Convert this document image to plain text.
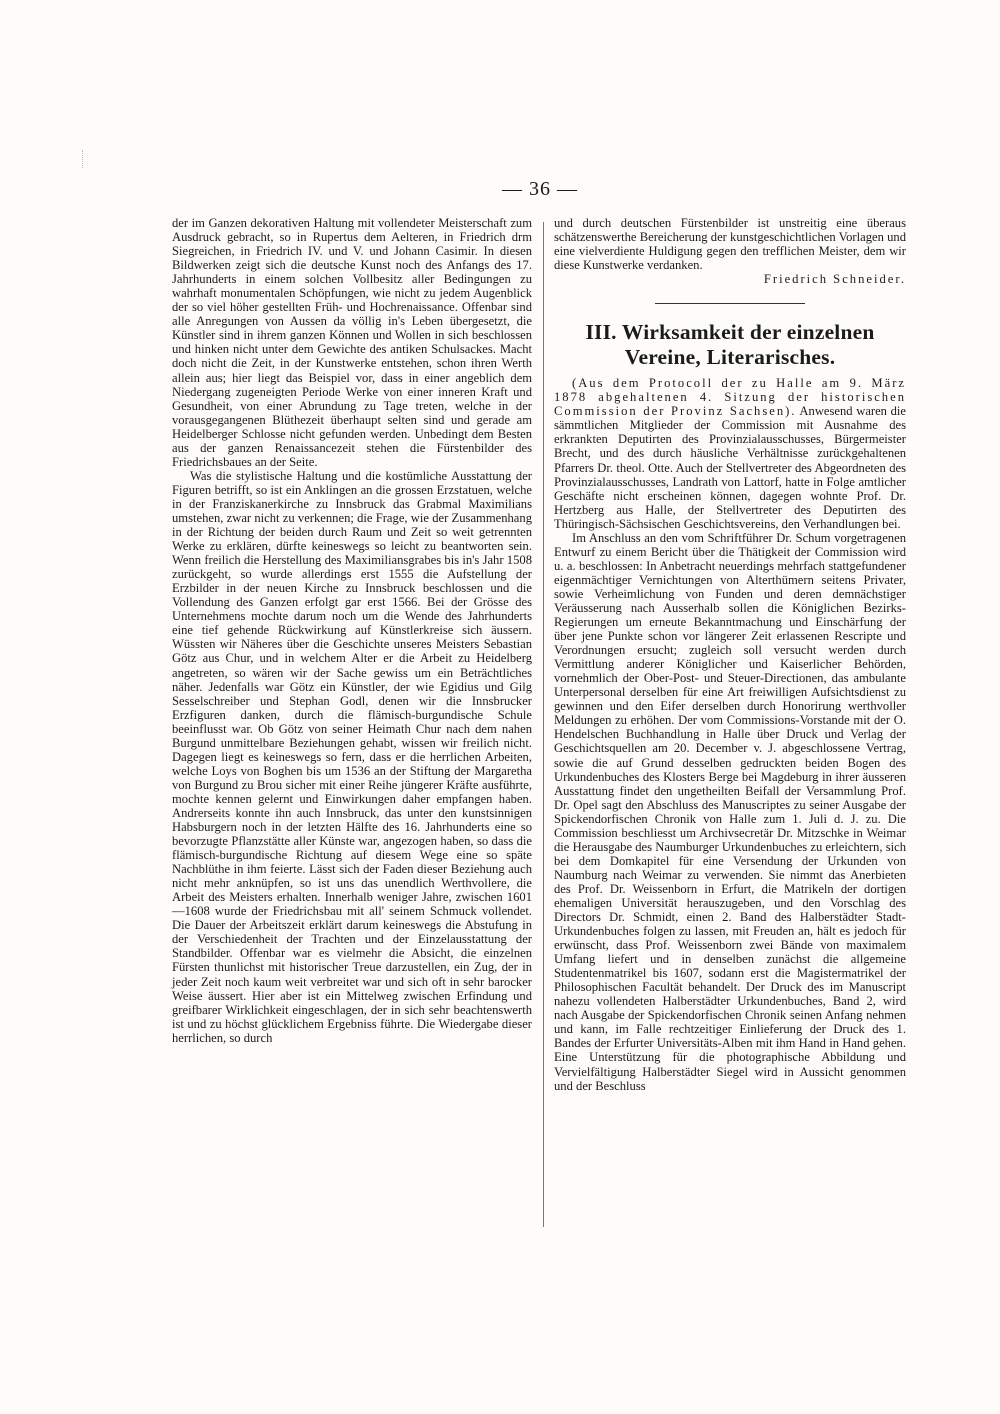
— 36 —

der im Ganzen dekorativen Haltung mit vollendeter Meisterschaft zum Ausdruck gebracht, so in Rupertus dem Aelteren, in Friedrich drm Siegreichen, in Friedrich IV. und V. und Johann Casimir. In diesen Bildwerken zeigt sich die deutsche Kunst noch des Anfangs des 17. Jahrhunderts in einem solchen Vollbesitz aller Bedingungen zu wahrhaft monumentalen Schöpfungen, wie nicht zu jedem Augenblick der so viel höher gestellten Früh- und Hochrenaissance. Offenbar sind alle Anregungen von Aussen da völlig in's Leben übergesetzt, die Künstler sind in ihrem ganzen Können und Wollen in sich beschlossen und hinken nicht unter dem Gewichte des antiken Schulsackes. Macht doch nicht die Zeit, in der Kunstwerke entstehen, schon ihren Werth allein aus; hier liegt das Beispiel vor, dass in einer angeblich dem Niedergang zugeneigten Periode Werke von einer inneren Kraft und Gesundheit, von einer Abrundung zu Tage treten, welche in der vorausgegangenen Blüthezeit überhaupt selten sind und gerade am Heidelberger Schlosse nicht gefunden werden. Unbedingt dem Besten aus der ganzen Renaissancezeit stehen die Fürstenbilder des Friedrichsbaues an der Seite.

Was die stylistische Haltung und die kostümliche Ausstattung der Figuren betrifft, so ist ein Anklingen an die grossen Erzstatuen, welche in der Franziskanerkirche zu Innsbruck das Grabmal Maximilians umstehen, zwar nicht zu verkennen; die Frage, wie der Zusammenhang in der Richtung der beiden durch Raum und Zeit so weit getrennten Werke zu erklären, dürfte keineswegs so leicht zu beantworten sein. Wenn freilich die Herstellung des Maximiliansgrabes bis in's Jahr 1508 zurückgeht, so wurde allerdings erst 1555 die Aufstellung der Erzbilder in der neuen Kirche zu Innsbruck beschlossen und die Vollendung des Ganzen erfolgt gar erst 1566. Bei der Grösse des Unternehmens mochte darum noch um die Wende des Jahrhunderts eine tief gehende Rückwirkung auf Künstlerkreise sich äussern. Wüssten wir Näheres über die Geschichte unseres Meisters Sebastian Götz aus Chur, und in welchem Alter er die Arbeit zu Heidelberg angetreten, so wären wir der Sache gewiss um ein Beträchtliches näher. Jedenfalls war Götz ein Künstler, der wie Egidius und Gilg Sesselschreiber und Stephan Godl, denen wir die Innsbrucker Erzfiguren danken, durch die flämisch-burgundische Schule beeinflusst war. Ob Götz von seiner Heimath Chur nach dem nahen Burgund unmittelbare Beziehungen gehabt, wissen wir freilich nicht. Dagegen liegt es keineswegs so fern, dass er die herrlichen Arbeiten, welche Loys von Boghen bis um 1536 an der Stiftung der Margaretha von Burgund zu Brou sicher mit einer Reihe jüngerer Kräfte ausführte, mochte kennen gelernt und Einwirkungen daher empfangen haben. Andrerseits konnte ihn auch Innsbruck, das unter den kunstsinnigen Habsburgern noch in der letzten Hälfte des 16. Jahrhunderts eine so bevorzugte Pflanzstätte aller Künste war, angezogen haben, so dass die flämisch-burgundische Richtung auf diesem Wege eine so späte Nachblüthe in ihm feierte. Lässt sich der Faden dieser Beziehung auch nicht mehr anknüpfen, so ist uns das unendlich Werthvollere, die Arbeit des Meisters erhalten. Innerhalb weniger Jahre, zwischen 1601—1608 wurde der Friedrichsbau mit all' seinem Schmuck vollendet. Die Dauer der Arbeitszeit erklärt darum keineswegs die Abstufung in der Verschiedenheit der Trachten und der Einzelausstattung der Standbilder. Offenbar war es vielmehr die Absicht, die einzelnen Fürsten thunlichst mit historischer Treue darzustellen, ein Zug, der in jeder Zeit noch kaum weit verbreitet war und sich oft in sehr barocker Weise äussert. Hier aber ist ein Mittelweg zwischen Erfindung und greifbarer Wirklichkeit eingeschlagen, der in sich sehr beachtenswerth ist und zu höchst glücklichem Ergebniss führte. Die Wiedergabe dieser herrlichen, so durch

und durch deutschen Fürstenbilder ist unstreitig eine überaus schätzenswerthe Bereicherung der kunstgeschichtlichen Vorlagen und eine vielverdiente Huldigung gegen den trefflichen Meister, dem wir diese Kunstwerke verdanken.
Friedrich Schneider.

III. Wirksamkeit der einzelnen Vereine, Literarisches.

(Aus dem Protocoll der zu Halle am 9. März 1878 abgehaltenen 4. Sitzung der historischen Commission der Provinz Sachsen). Anwesend waren die sämmtlichen Mitglieder der Commission mit Ausnahme des erkrankten Deputirten des Provinzialausschusses, Bürgermeister Brecht, und des durch häusliche Verhältnisse zurückgehaltenen Pfarrers Dr. theol. Otte. Auch der Stellvertreter des Abgeordneten des Provinzialausschusses, Landrath von Lattorf, hatte in Folge amtlicher Geschäfte nicht erscheinen können, dagegen wohnte Prof. Dr. Hertzberg aus Halle, der Stellvertreter des Deputirten des Thüringisch-Sächsischen Geschichtsvereins, den Verhandlungen bei.

Im Anschluss an den vom Schriftführer Dr. Schum vorgetragenen Entwurf zu einem Bericht über die Thätigkeit der Commission wird u. a. beschlossen: In Anbetracht neuerdings mehrfach stattgefundener eigenmächtiger Vernichtungen von Alterthümern seitens Privater, sowie Verheimlichung von Funden und deren demnächstiger Veräusserung nach Ausserhalb sollen die Königlichen Bezirks-Regierungen um erneute Bekanntmachung und Einschärfung der über jene Punkte schon vor längerer Zeit erlassenen Rescripte und Verordnungen ersucht; zugleich soll versucht werden durch Vermittlung anderer Königlicher und Kaiserlicher Behörden, vornehmlich der Ober-Post- und Steuer-Directionen, das ambulante Unterpersonal derselben für eine Art freiwilligen Aufsichtsdienst zu gewinnen und den Eifer derselben durch Honorirung werthvoller Meldungen zu erhöhen. Der vom Commissions-Vorstande mit der O. Hendelschen Buchhandlung in Halle über Druck und Verlag der Geschichtsquellen am 20. December v. J. abgeschlossene Vertrag, sowie die auf Grund desselben gedruckten beiden Bogen des Urkundenbuches des Klosters Berge bei Magdeburg in ihrer äusseren Ausstattung findet den ungetheilten Beifall der Versammlung Prof. Dr. Opel sagt den Abschluss des Manuscriptes zu seiner Ausgabe der Spickendorfischen Chronik von Halle zum 1. Juli d. J. zu. Die Commission beschliesst um Archivsecretär Dr. Mitzschke in Weimar die Herausgabe des Naumburger Urkundenbuches zu erleichtern, sich bei dem Domkapitel für eine Versendung der Urkunden von Naumburg nach Weimar zu verwenden. Sie nimmt das Anerbieten des Prof. Dr. Weissenborn in Erfurt, die Matrikeln der dortigen ehemaligen Universität herauszugeben, und den Vorschlag des Directors Dr. Schmidt, einen 2. Band des Halberstädter Stadt-Urkundenbuches folgen zu lassen, mit Freuden an, hält es jedoch für erwünscht, dass Prof. Weissenborn zwei Bände von maximalem Umfang liefert und in denselben zunächst die allgemeine Studentenmatrikel bis 1607, sodann erst die Magistermatrikel der Philosophischen Facultät behandelt. Der Druck des im Manuscript nahezu vollendeten Halberstädter Urkundenbuches, Band 2, wird nach Ausgabe der Spickendorfischen Chronik seinen Anfang nehmen und kann, im Falle rechtzeitiger Einlieferung der Druck des 1. Bandes der Erfurter Universitäts-Alben mit ihm Hand in Hand gehen. Eine Unterstützung für die photographische Abbildung und Vervielfältigung Halberstädter Siegel wird in Aussicht genommen und der Beschluss
